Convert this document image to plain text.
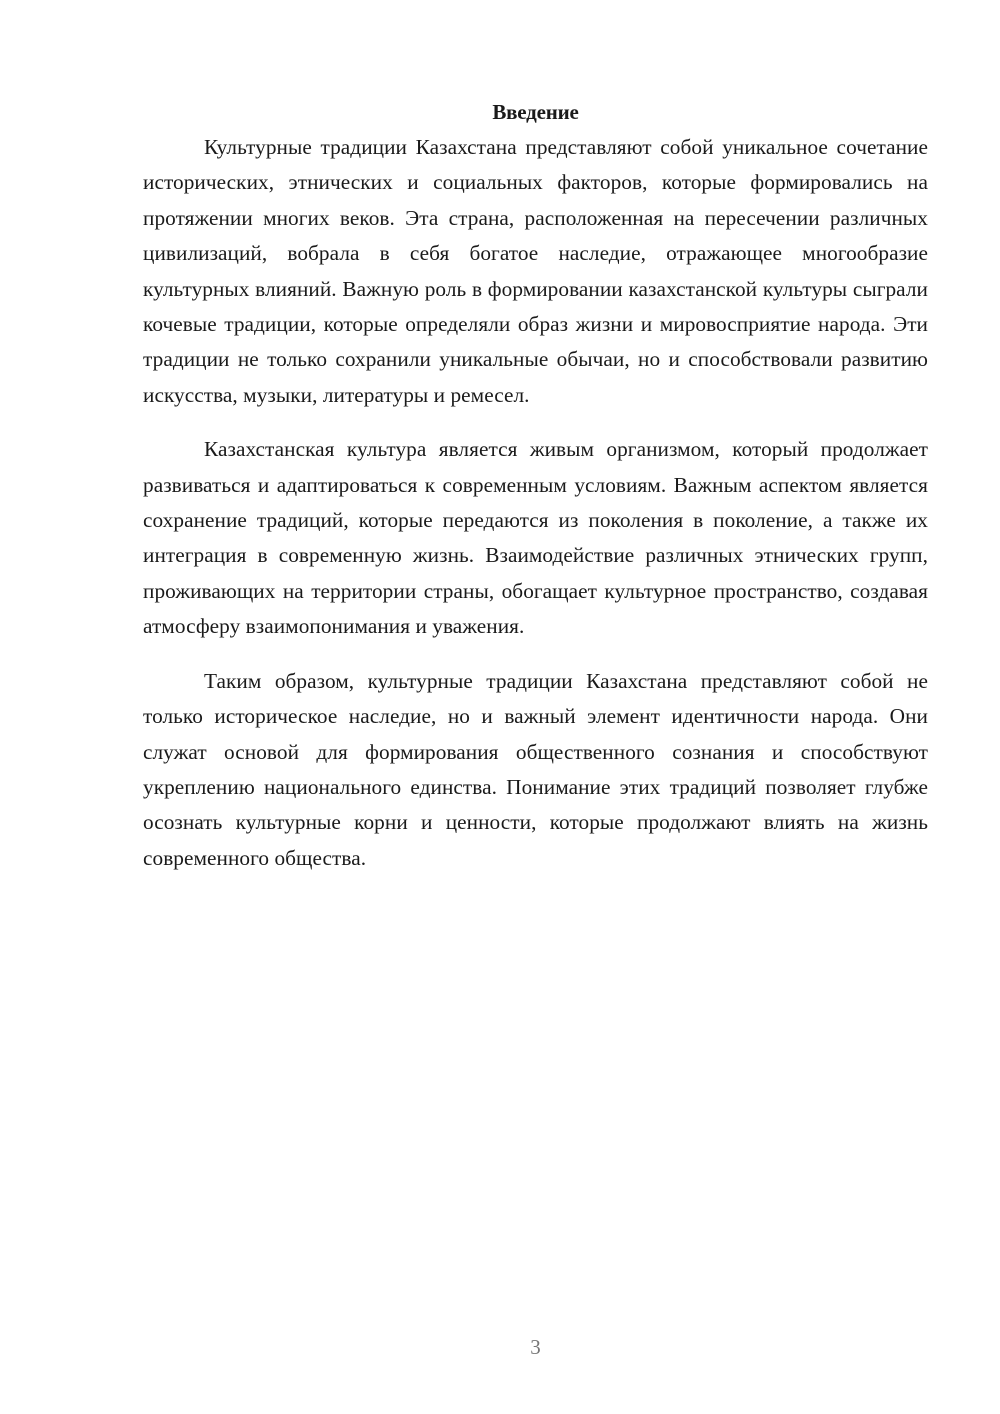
Введение

Культурные традиции Казахстана представляют собой уникальное сочетание исторических, этнических и социальных факторов, которые формировались на протяжении многих веков. Эта страна, расположенная на пересечении различных цивилизаций, вобрала в себя богатое наследие, отражающее многообразие культурных влияний. Важную роль в формировании казахстанской культуры сыграли кочевые традиции, которые определяли образ жизни и мировосприятие народа. Эти традиции не только сохранили уникальные обычаи, но и способствовали развитию искусства, музыки, литературы и ремесел.

Казахстанская культура является живым организмом, который продолжает развиваться и адаптироваться к современным условиям. Важным аспектом является сохранение традиций, которые передаются из поколения в поколение, а также их интеграция в современную жизнь. Взаимодействие различных этнических групп, проживающих на территории страны, обогащает культурное пространство, создавая атмосферу взаимопонимания и уважения.

Таким образом, культурные традиции Казахстана представляют собой не только историческое наследие, но и важный элемент идентичности народа. Они служат основой для формирования общественного сознания и способствуют укреплению национального единства. Понимание этих традиций позволяет глубже осознать культурные корни и ценности, которые продолжают влиять на жизнь современного общества.

3
